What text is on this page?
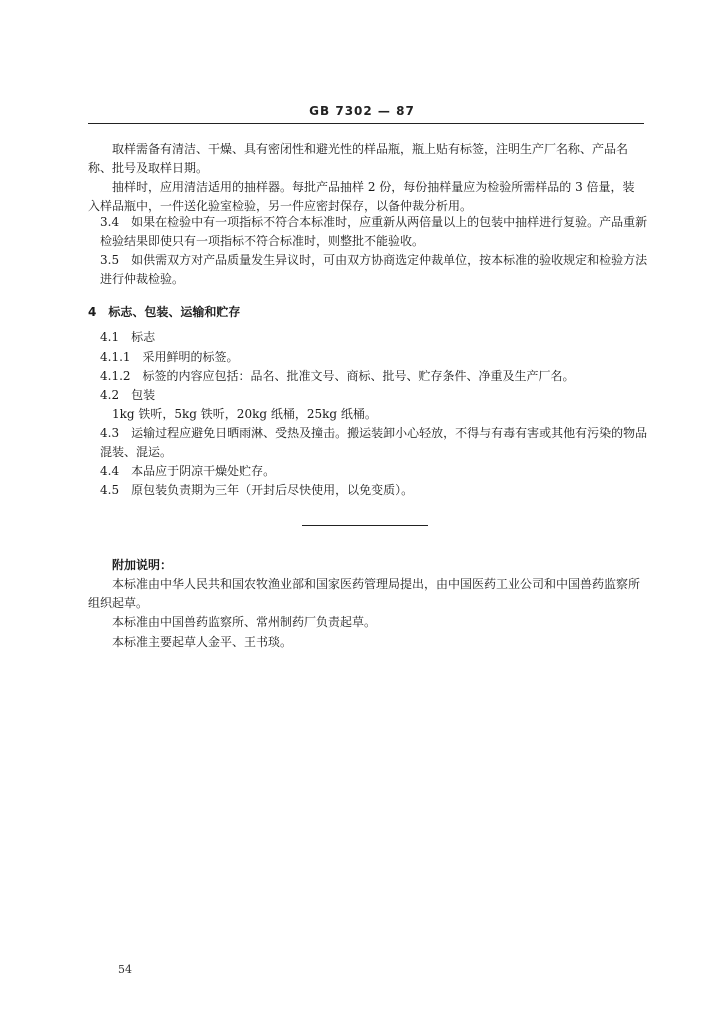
GB 7302 — 87

取样需备有清洁、干燥、具有密闭性和避光性的样品瓶，瓶上贴有标签，注明生产厂名称、产品名称、批号及取样日期。

抽样时，应用清洁适用的抽样器。每批产品抽样 2 份，每份抽样量应为检验所需样品的 3 倍量，装入样品瓶中，一件送化验室检验，另一件应密封保存，以备仲裁分析用。

3.4　如果在检验中有一项指标不符合本标准时，应重新从两倍量以上的包装中抽样进行复验。产品重新检验结果即使只有一项指标不符合标准时，则整批不能验收。

3.5　如供需双方对产品质量发生异议时，可由双方协商选定仲裁单位，按本标准的验收规定和检验方法进行仲裁检验。

4　标志、包装、运输和贮存

4.1　标志

4.1.1　采用鲜明的标签。

4.1.2　标签的内容应包括：品名、批准文号、商标、批号、贮存条件、净重及生产厂名。

4.2　包装

1kg 铁听，5kg 铁听，20kg 纸桶，25kg 纸桶。

4.3　运输过程应避免日晒雨淋、受热及撞击。搬运装卸小心轻放，不得与有毒有害或其他有污染的物品混装、混运。

4.4　本品应于阴凉干燥处贮存。

4.5　原包装负责期为三年（开封后尽快使用，以免变质）。

附加说明：

本标准由中华人民共和国农牧渔业部和国家医药管理局提出，由中国医药工业公司和中国兽药监察所组织起草。

本标准由中国兽药监察所、常州制药厂负责起草。

本标准主要起草人金平、王书琰。

54
